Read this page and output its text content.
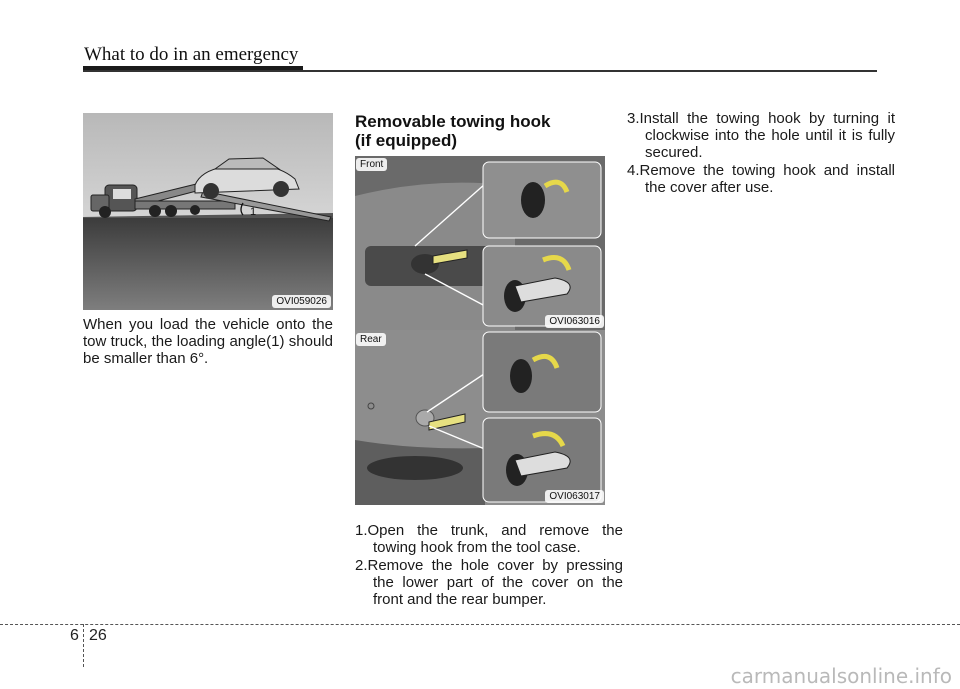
What to do in an emergency
1
OVI059026
When you load the vehicle onto the tow truck, the loading angle(1) should be smaller than 6°.
Removable towing hook
(if equipped)
Front
OVI063016
Rear
OVI063017
1.Open the trunk, and remove the towing hook from the tool case.
2.Remove the hole cover by pressing the lower part of the cover on the front and the rear bumper.
3.Install the towing hook by turning it clockwise into the hole until it is fully secured.
4.Remove the towing hook and install the cover after use.
6 26
carmanualsonline.info
